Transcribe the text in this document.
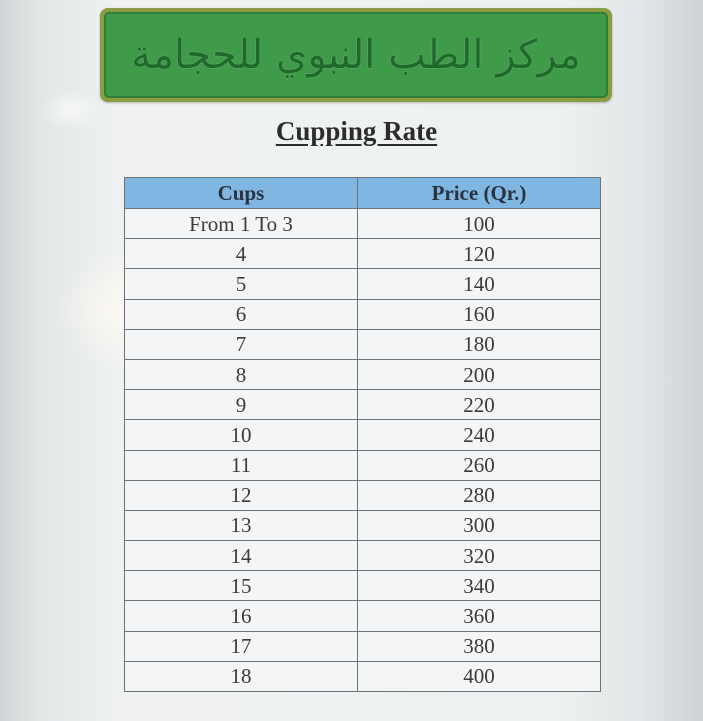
مركز الطب النبوي للحجامة
Cupping Rate
Cups	Price (Qr.)
From 1 To 3	100
4	120
5	140
6	160
7	180
8	200
9	220
10	240
11	260
12	280
13	300
14	320
15	340
16	360
17	380
18	400
